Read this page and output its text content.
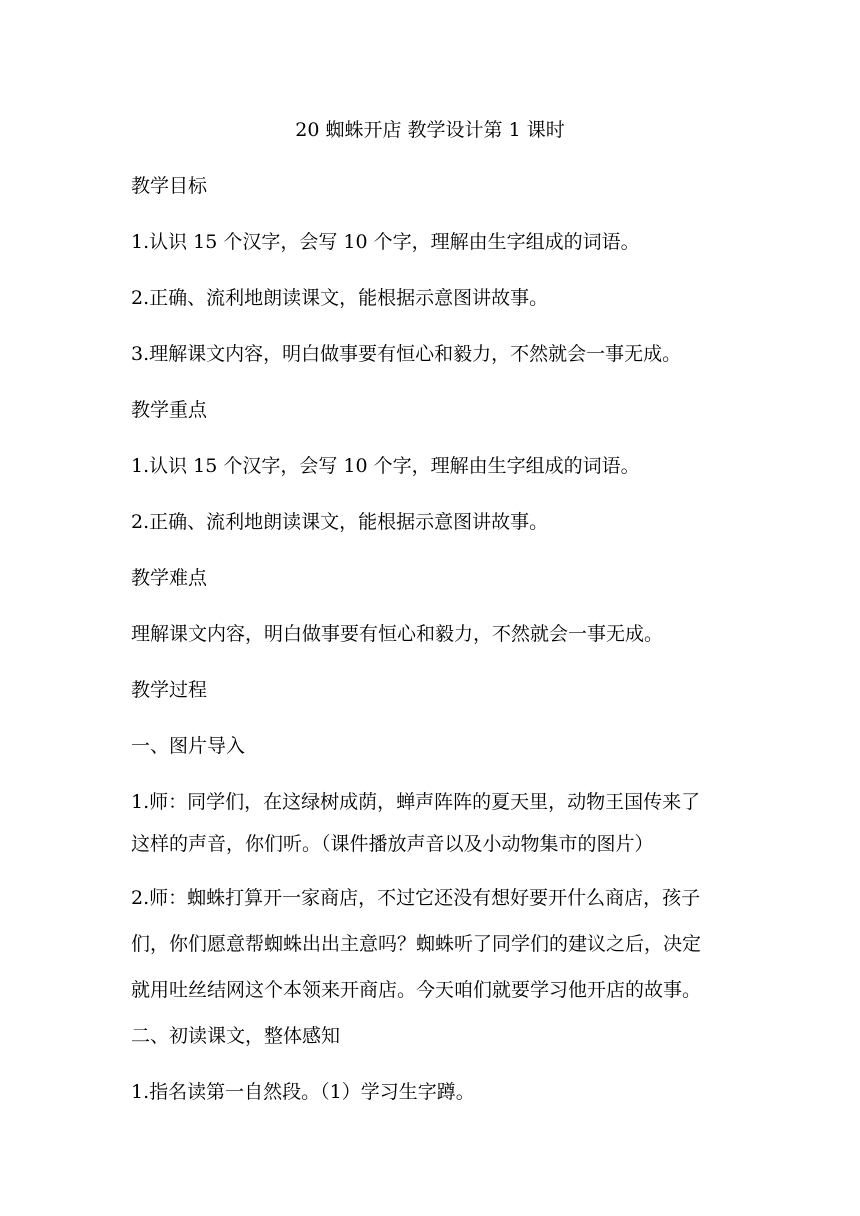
20 蜘蛛开店 教学设计第 1 课时
教学目标
1.认识 15 个汉字，会写 10 个字，理解由生字组成的词语。
2.正确、流利地朗读课文，能根据示意图讲故事。
3.理解课文内容，明白做事要有恒心和毅力，不然就会一事无成。
教学重点
1.认识 15 个汉字，会写 10 个字，理解由生字组成的词语。
2.正确、流利地朗读课文，能根据示意图讲故事。
教学难点
理解课文内容，明白做事要有恒心和毅力，不然就会一事无成。
教学过程
一、图片导入
1.师：同学们，在这绿树成荫，蝉声阵阵的夏天里，动物王国传来了
这样的声音，你们听。（课件播放声音以及小动物集市的图片）
2.师：蜘蛛打算开一家商店，不过它还没有想好要开什么商店，孩子
们，你们愿意帮蜘蛛出出主意吗？蜘蛛听了同学们的建议之后，决定
就用吐丝结网这个本领来开商店。今天咱们就要学习他开店的故事。
二、初读课文，整体感知
1.指名读第一自然段。（1）学习生字蹲。
